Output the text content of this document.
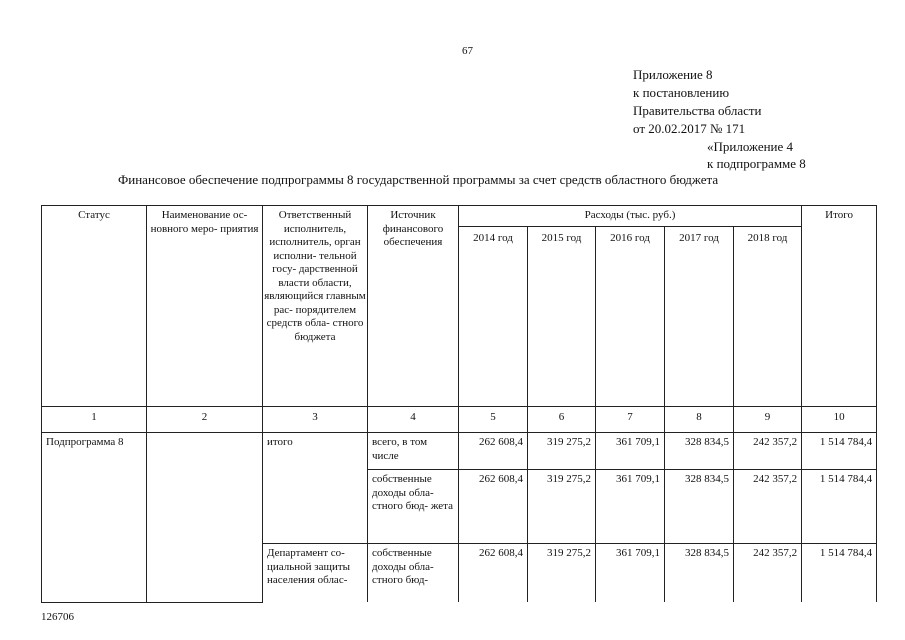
67
Приложение 8
к постановлению
Правительства области
от 20.02.2017 № 171
«Приложение 4
к подпрограмме 8
Финансовое обеспечение подпрограммы 8 государственной программы за счет средств областного бюджета
Статус	Наименование ос- новного меро- приятия	Ответственный исполнитель, исполнитель, орган исполни- тельной госу- дарственной власти области, являющийся главным рас- порядителем средств обла- стного бюджета	Источник финансового обеспечения	Расходы (тыс. руб.)					Итого
				2014 год	2015 год	2016 год	2017 год	2018 год	
1	2	3	4	5	6	7	8	9	10
Подпрограмма 8		итого	всего, в том числе	262 608,4	319 275,2	361 709,1	328 834,5	242 357,2	1 514 784,4
			собственные доходы обла- стного бюд- жета	262 608,4	319 275,2	361 709,1	328 834,5	242 357,2	1 514 784,4
		Департамент со- циальной защиты населения облас-	собственные доходы обла- стного бюд-	262 608,4	319 275,2	361 709,1	328 834,5	242 357,2	1 514 784,4
126706
